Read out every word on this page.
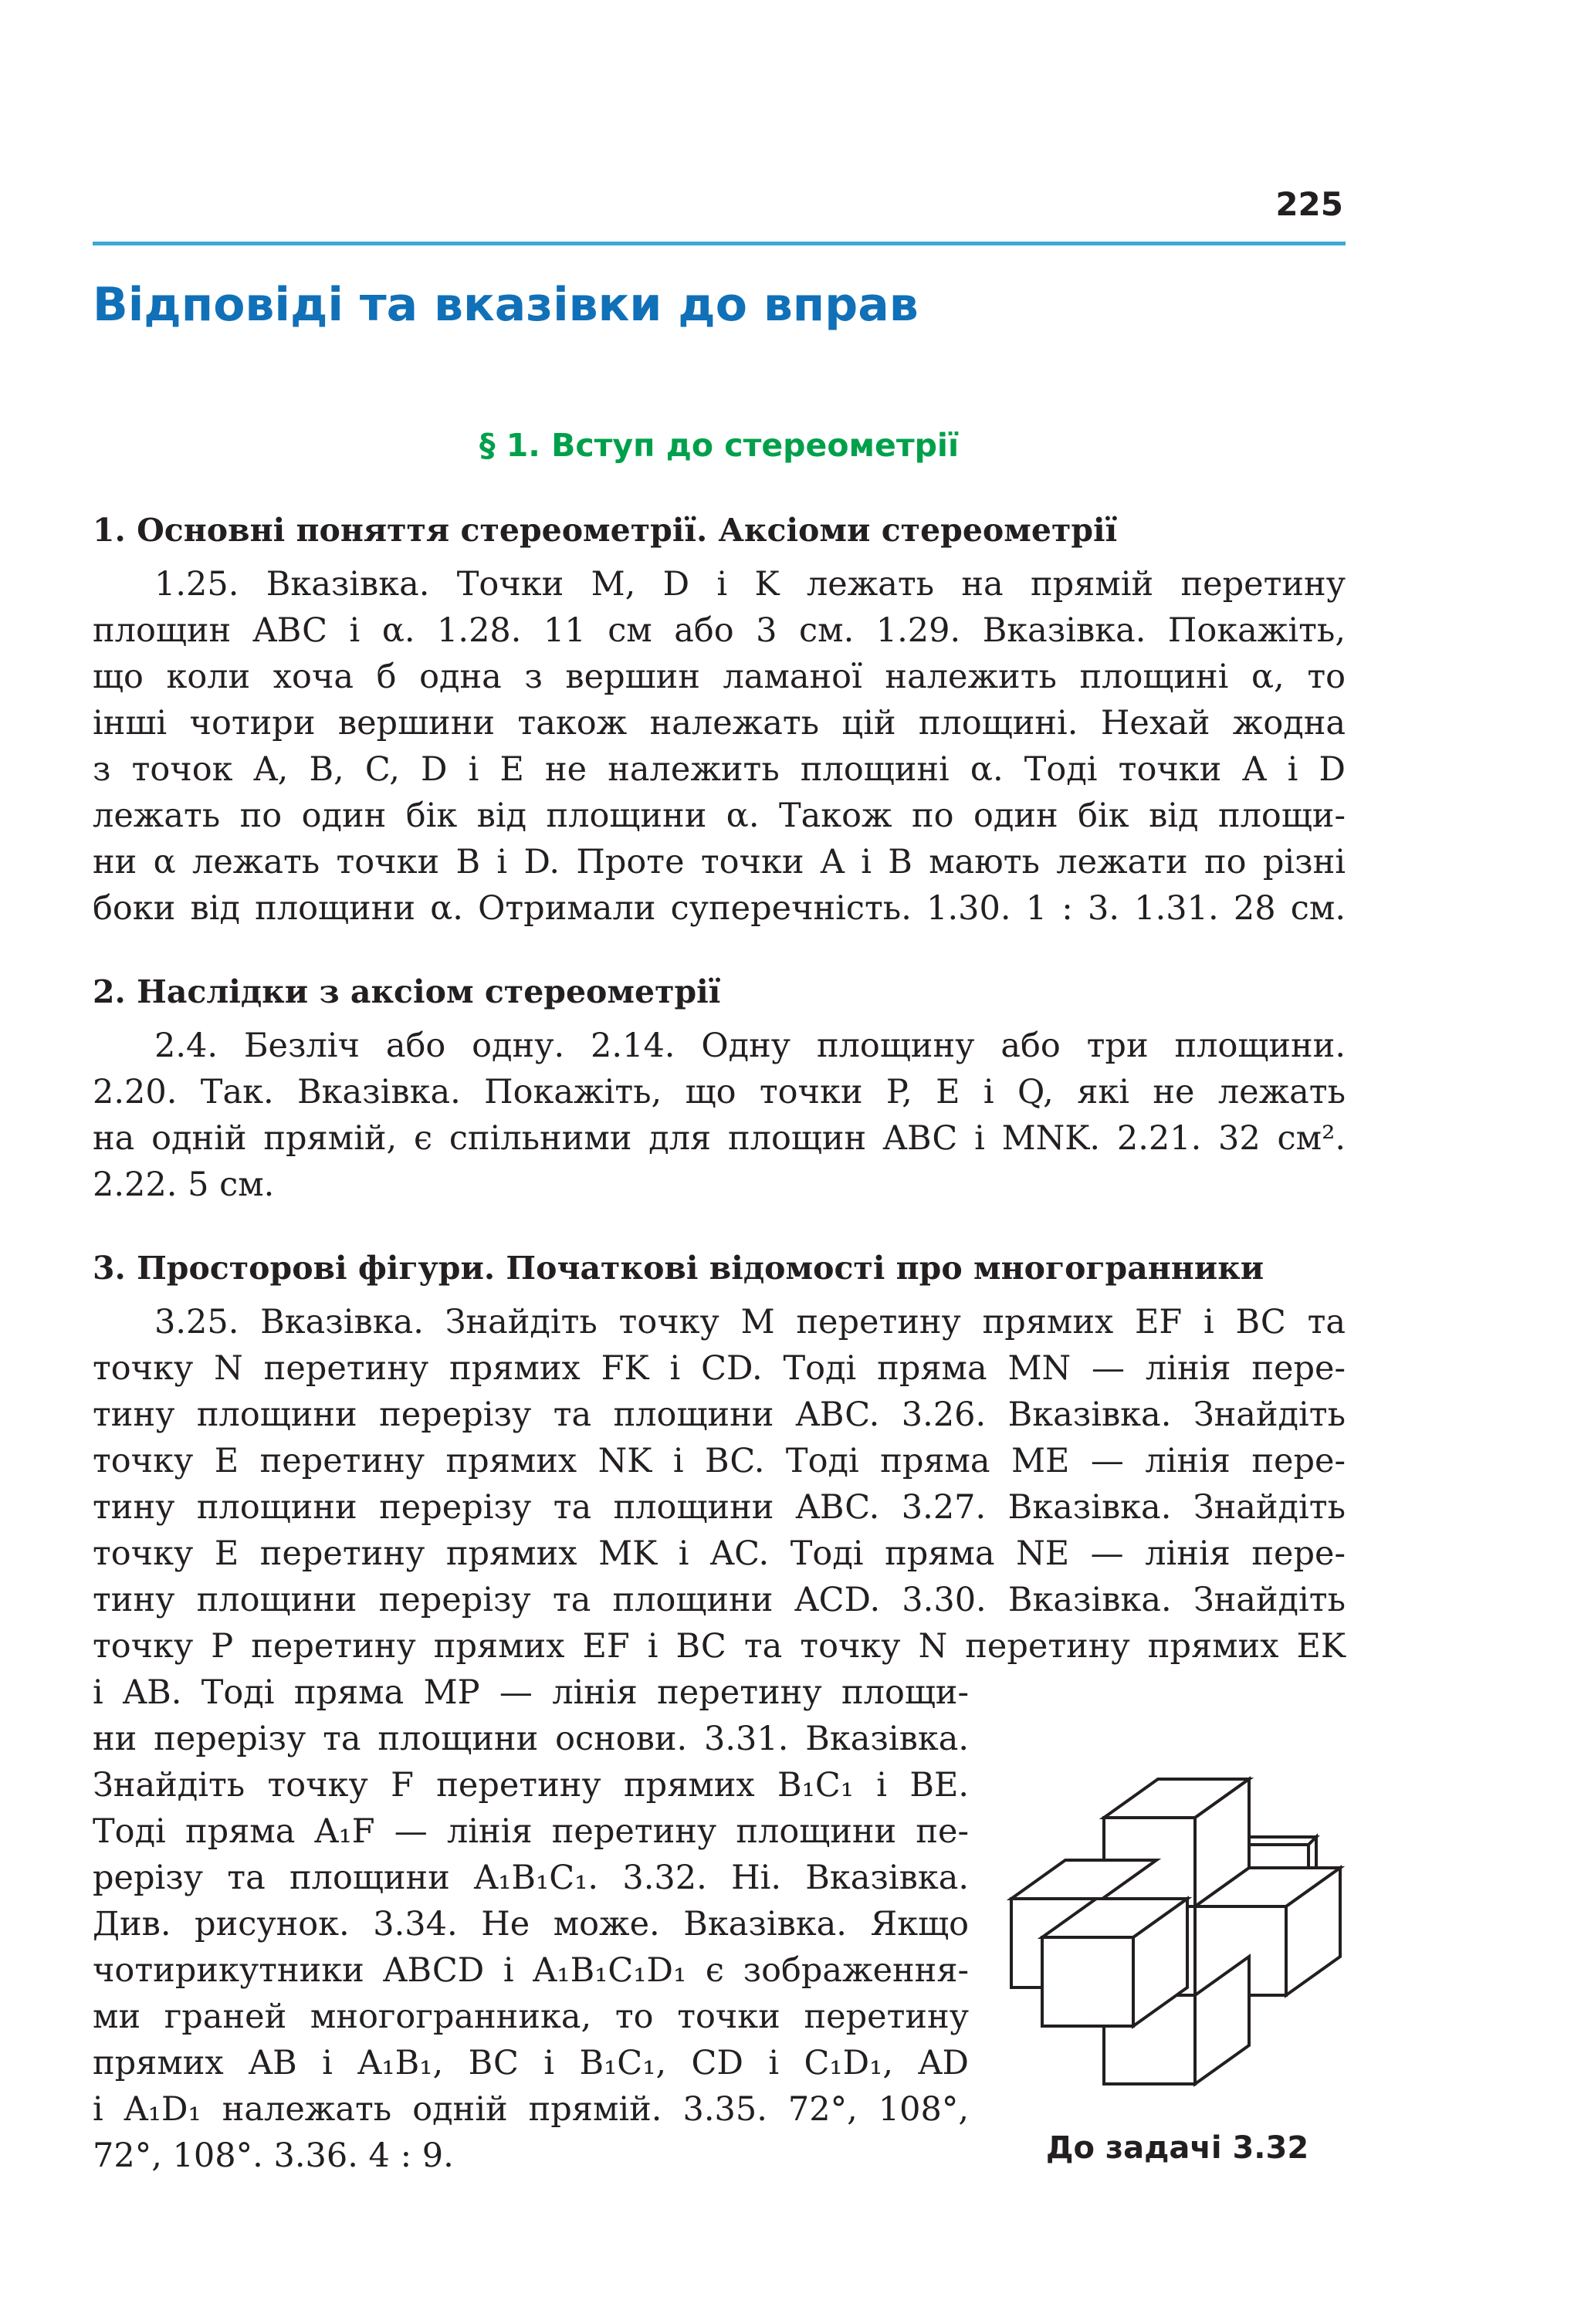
225
Відповіді та вказівки до вправ
§ 1. Вступ до стереометрії
1. Основні поняття стереометрії. Аксіоми стереометрії
1.25. Вказівка. Точки M, D і K лежать на прямій перетину
площин ABC і α. 1.28. 11 см або 3 см. 1.29. Вказівка. Покажіть,
що коли хоча б одна з вершин ламаної належить площині α, то
інші чотири вершини також належать цій площині. Нехай жодна
з точок A, B, C, D і E не належить площині α. Тоді точки A і D
лежать по один бік від площини α. Також по один бік від площи-
ни α лежать точки B і D. Проте точки A і B мають лежати по різні
боки від площини α. Отримали суперечність. 1.30. 1 : 3. 1.31. 28 см.
2. Наслідки з аксіом стереометрії
2.4. Безліч або одну. 2.14. Одну площину або три площини.
2.20. Так. Вказівка. Покажіть, що точки P, E і Q, які не лежать
на одній прямій, є спільними для площин ABC і MNK. 2.21. 32 см².
2.22. 5 см.
3. Просторові фігури. Початкові відомості про многогранники
3.25. Вказівка. Знайдіть точку M перетину прямих EF і BC та
точку N перетину прямих FK і CD. Тоді пряма MN — лінія пере-
тину площини перерізу та площини ABC. 3.26. Вказівка. Знайдіть
точку E перетину прямих NK і BC. Тоді пряма ME — лінія пере-
тину площини перерізу та площини ABC. 3.27. Вказівка. Знайдіть
точку E перетину прямих MK і AC. Тоді пряма NE — лінія пере-
тину площини перерізу та площини ACD. 3.30. Вказівка. Знайдіть
точку P перетину прямих EF і BC та точку N перетину прямих EK
і AB. Тоді пряма MP — лінія перетину площи-
ни перерізу та площини основи. 3.31. Вказівка.
Знайдіть точку F перетину прямих B₁C₁ і BE.
Тоді пряма A₁F — лінія перетину площини пе-
рерізу та площини A₁B₁C₁. 3.32. Ні. Вказівка.
Див. рисунок. 3.34. Не може. Вказівка. Якщо
чотирикутники ABCD і A₁B₁C₁D₁ є зображення-
ми граней многогранника, то точки перетину
прямих AB і A₁B₁, BC і B₁C₁, CD і C₁D₁, AD
і A₁D₁ належать одній прямій. 3.35. 72°, 108°,
72°, 108°. 3.36. 4 : 9.	До задачі 3.32
